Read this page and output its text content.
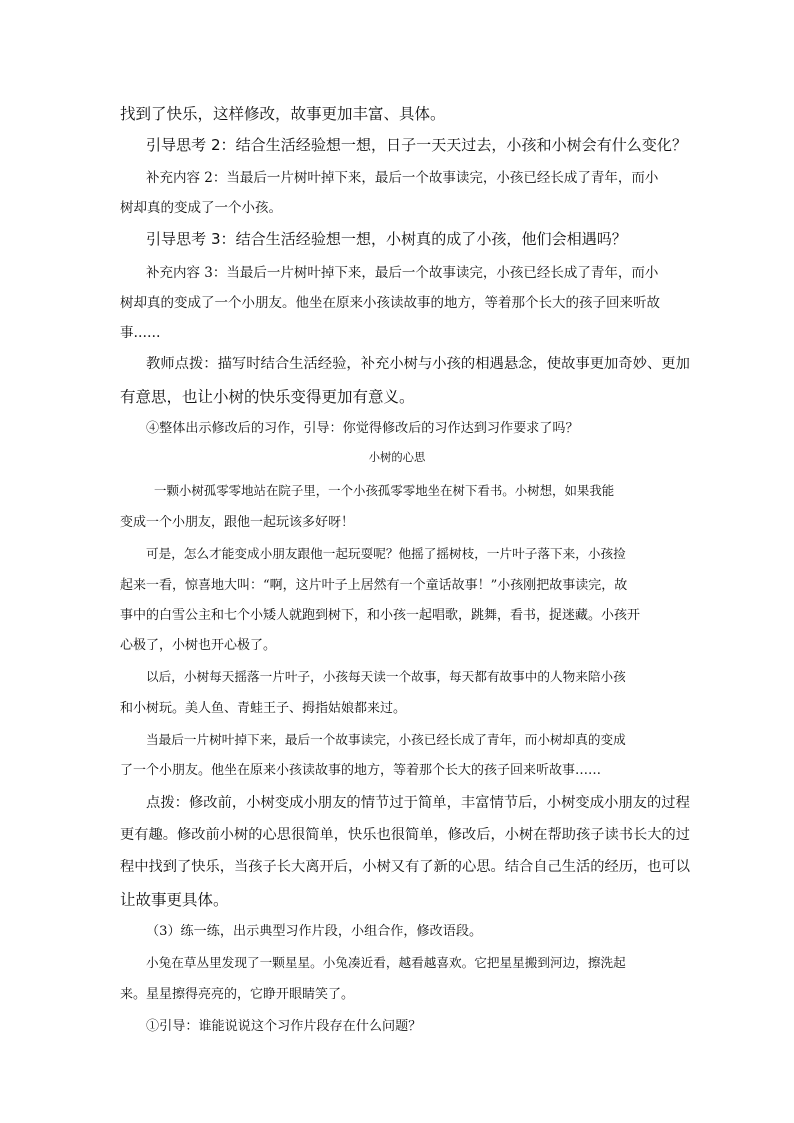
找到了快乐，这样修改，故事更加丰富、具体。
引导思考 2：结合生活经验想一想，日子一天天过去，小孩和小树会有什么变化？
补充内容 2：当最后一片树叶掉下来，最后一个故事读完，小孩已经长成了青年，而小
树却真的变成了一个小孩。
引导思考 3：结合生活经验想一想，小树真的成了小孩，他们会相遇吗？
补充内容 3：当最后一片树叶掉下来，最后一个故事读完，小孩已经长成了青年，而小
树却真的变成了一个小朋友。他坐在原来小孩读故事的地方，等着那个长大的孩子回来听故
事……
教师点拨：描写时结合生活经验，补充小树与小孩的相遇悬念，使故事更加奇妙、更加
有意思，也让小树的快乐变得更加有意义。
④整体出示修改后的习作，引导：你觉得修改后的习作达到习作要求了吗？
小树的心思
一颗小树孤零零地站在院子里，一个小孩孤零零地坐在树下看书。小树想，如果我能
变成一个小朋友，跟他一起玩该多好呀！
可是，怎么才能变成小朋友跟他一起玩耍呢？他摇了摇树枝，一片叶子落下来，小孩捡
起来一看，惊喜地大叫：“啊，这片叶子上居然有一个童话故事！”小孩刚把故事读完，故
事中的白雪公主和七个小矮人就跑到树下，和小孩一起唱歌，跳舞，看书，捉迷藏。小孩开
心极了，小树也开心极了。
以后，小树每天摇落一片叶子，小孩每天读一个故事，每天都有故事中的人物来陪小孩
和小树玩。美人鱼、青蛙王子、拇指姑娘都来过。
当最后一片树叶掉下来，最后一个故事读完，小孩已经长成了青年，而小树却真的变成
了一个小朋友。他坐在原来小孩读故事的地方，等着那个长大的孩子回来听故事……
点拨：修改前，小树变成小朋友的情节过于简单，丰富情节后，小树变成小朋友的过程
更有趣。修改前小树的心思很简单，快乐也很简单，修改后，小树在帮助孩子读书长大的过
程中找到了快乐，当孩子长大离开后，小树又有了新的心思。结合自己生活的经历，也可以
让故事更具体。
（3）练一练，出示典型习作片段，小组合作，修改语段。
小兔在草丛里发现了一颗星星。小兔凑近看，越看越喜欢。它把星星搬到河边，擦洗起
来。星星擦得亮亮的，它睁开眼睛笑了。
①引导：谁能说说这个习作片段存在什么问题？
